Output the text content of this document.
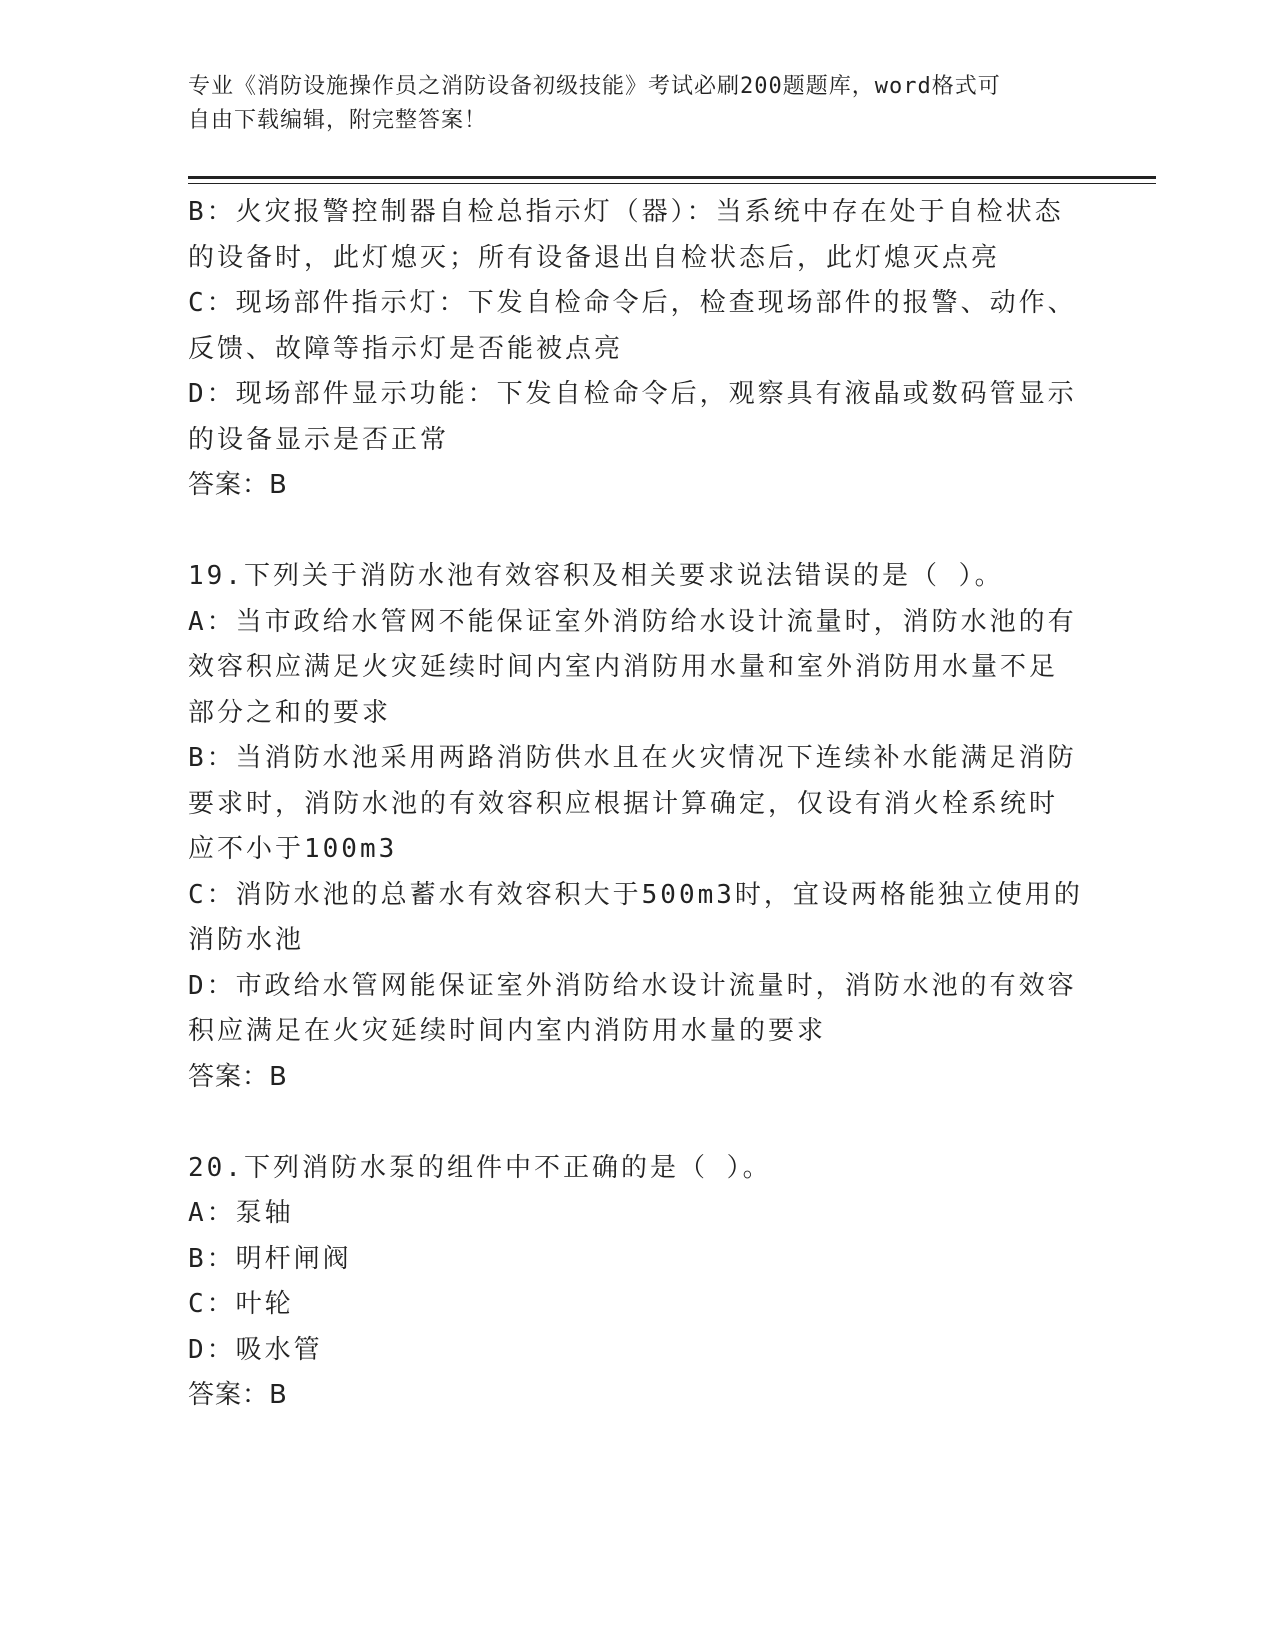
专业《消防设施操作员之消防设备初级技能》考试必刷200题题库，word格式可
自由下载编辑，附完整答案！
B：火灾报警控制器自检总指示灯（器）：当系统中存在处于自检状态
的设备时，此灯熄灭；所有设备退出自检状态后，此灯熄灭点亮
C：现场部件指示灯：下发自检命令后，检查现场部件的报警、动作、
反馈、故障等指示灯是否能被点亮
D：现场部件显示功能：下发自检命令后，观察具有液晶或数码管显示
的设备显示是否正常
答案：B
19.下列关于消防水池有效容积及相关要求说法错误的是（ ）。
A：当市政给水管网不能保证室外消防给水设计流量时，消防水池的有
效容积应满足火灾延续时间内室内消防用水量和室外消防用水量不足
部分之和的要求
B：当消防水池采用两路消防供水且在火灾情况下连续补水能满足消防
要求时，消防水池的有效容积应根据计算确定，仅设有消火栓系统时
应不小于100m3
C：消防水池的总蓄水有效容积大于500m3时，宜设两格能独立使用的
消防水池
D：市政给水管网能保证室外消防给水设计流量时，消防水池的有效容
积应满足在火灾延续时间内室内消防用水量的要求
答案：B
20.下列消防水泵的组件中不正确的是（ ）。
A：泵轴
B：明杆闸阀
C：叶轮
D：吸水管
答案：B
